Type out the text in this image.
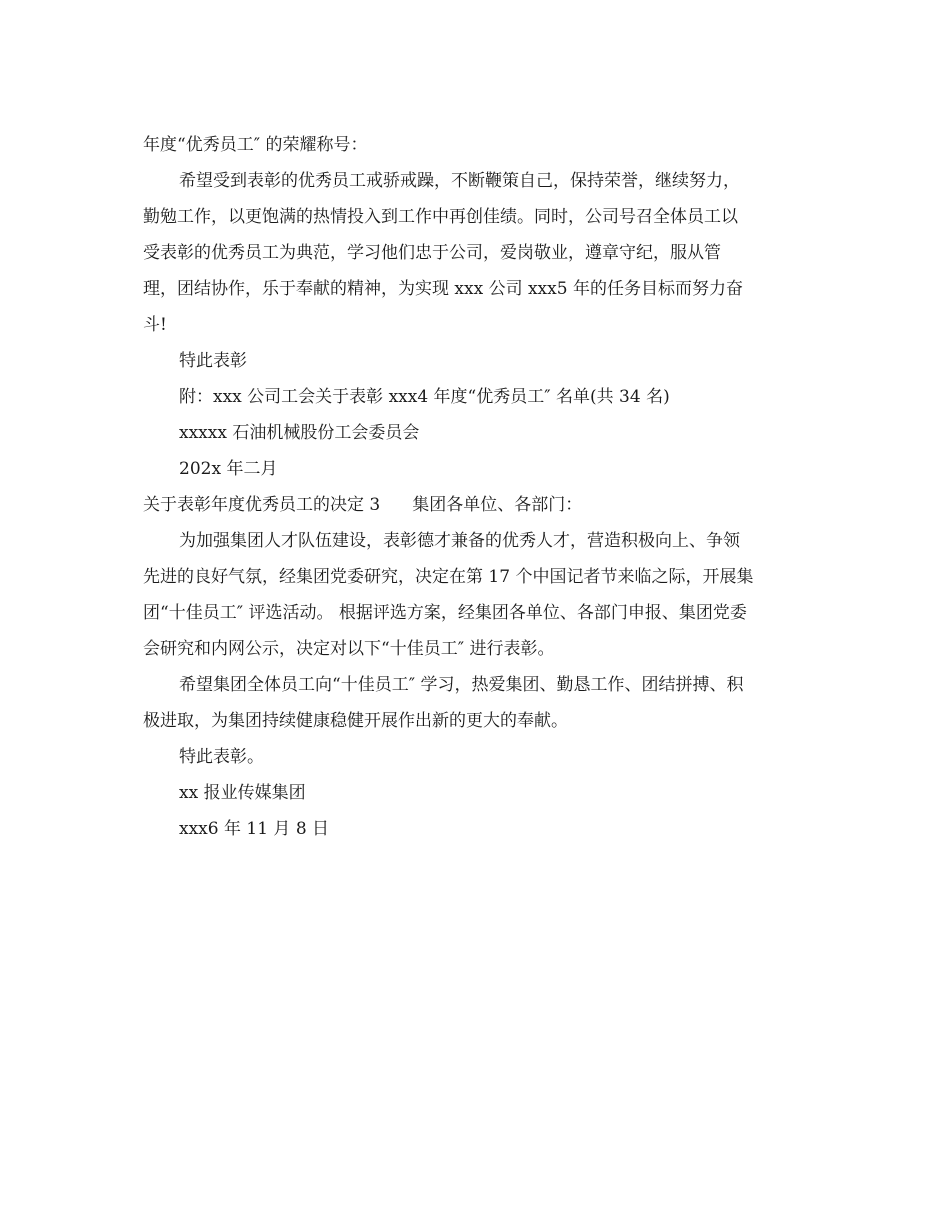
年度“优秀员工″ 的荣耀称号：
希望受到表彰的优秀员工戒骄戒躁，不断鞭策自己，保持荣誉，继续努力，
勤勉工作，以更饱满的热情投入到工作中再创佳绩。同时，公司号召全体员工以
受表彰的优秀员工为典范，学习他们忠于公司，爱岗敬业，遵章守纪，服从管
理，团结协作，乐于奉献的精神，为实现 xxx 公司 xxx5 年的任务目标而努力奋
斗!
特此表彰
附：xxx 公司工会关于表彰 xxx4 年度“优秀员工″ 名单(共 34 名)
xxxxx 石油机械股份工会委员会
202x 年二月
关于表彰年度优秀员工的决定 3 集团各单位、各部门：
为加强集团人才队伍建设，表彰德才兼备的优秀人才，营造积极向上、争领
先进的良好气氛，经集团党委研究，决定在第 17 个中国记者节来临之际，开展集
团“十佳员工″ 评选活动。 根据评选方案，经集团各单位、各部门申报、集团党委
会研究和内网公示，决定对以下“十佳员工″ 进行表彰。
希望集团全体员工向“十佳员工″ 学习，热爱集团、勤恳工作、团结拼搏、积
极进取，为集团持续健康稳健开展作出新的更大的奉献。
特此表彰。
xx 报业传媒集团
xxx6 年 11 月 8 日
